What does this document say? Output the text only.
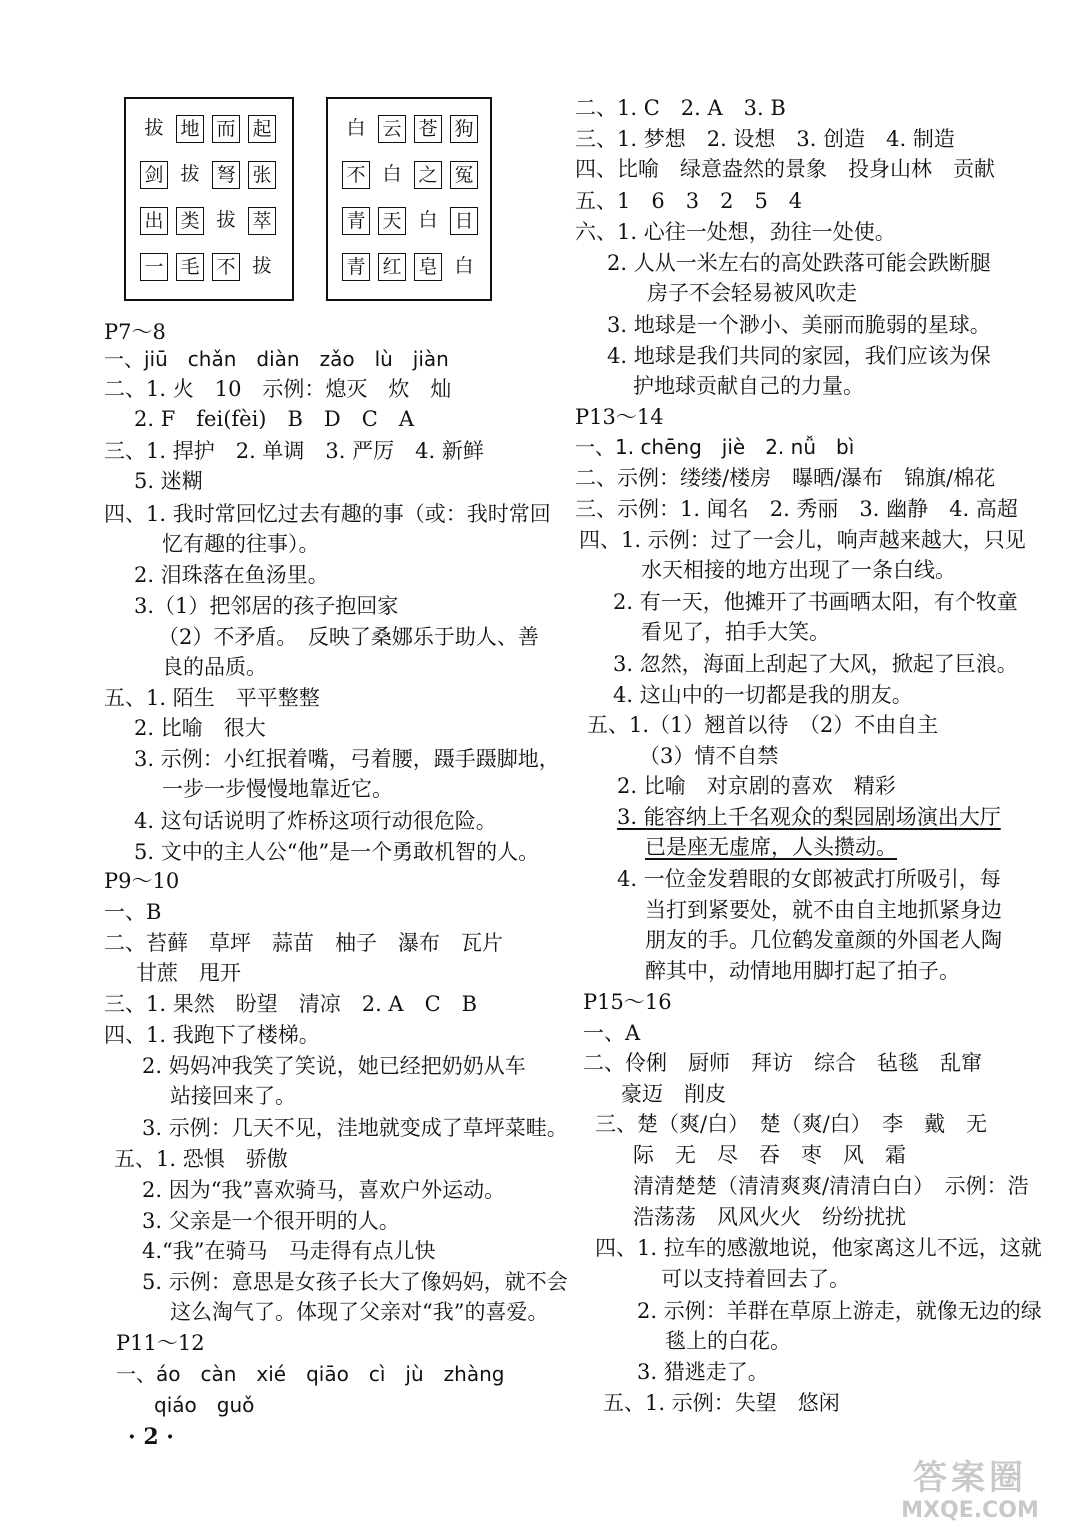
拔 地 而 起
剑 拔 弩 张
出 类 拔 萃
一 毛 不 拔
白 云 苍 狗
不 白 之 冤
青 天 白 日
青 红 皂 白
P7～8
一、jiū　chǎn　diàn　zǎo　lù　jiàn
二、1. 火　10　示例：熄灭　炊　灿
2. F　fei(fèi)　B　D　C　A
三、1. 捍护　2. 单调　3. 严厉　4. 新鲜
5. 迷糊
四、1. 我时常回忆过去有趣的事（或：我时常回
忆有趣的往事）。
2. 泪珠落在鱼汤里。
3.（1）把邻居的孩子抱回家
（2）不矛盾。　反映了桑娜乐于助人、善
良的品质。
五、1. 陌生　平平整整
2. 比喻　很大
3. 示例：小红抿着嘴，弓着腰，蹑手蹑脚地，
一步一步慢慢地靠近它。
4. 这句话说明了炸桥这项行动很危险。
5. 文中的主人公“他”是一个勇敢机智的人。
P9～10
一、B
二、苔藓　草坪　蒜苗　柚子　瀑布　瓦片
甘蔗　甩开
三、1. 果然　盼望　清凉　2. A　C　B
四、1. 我跑下了楼梯。
2. 妈妈冲我笑了笑说，她已经把奶奶从车
站接回来了。
3. 示例：几天不见，洼地就变成了草坪菜畦。
五、1. 恐惧　骄傲
2. 因为“我”喜欢骑马，喜欢户外运动。
3. 父亲是一个很开明的人。
4.“我”在骑马　马走得有点儿快
5. 示例：意思是女孩子长大了像妈妈，就不会
这么淘气了。体现了父亲对“我”的喜爱。
P11～12
一、áo　càn　xié　qiāo　cì　jù　zhàng
qiáo　guǒ
二、1. C　2. A　3. B
三、1. 梦想　2. 设想　3. 创造　4. 制造
四、比喻　绿意盎然的景象　投身山林　贡献
五、1　6　3　2　5　4
六、1. 心往一处想，劲往一处使。
2. 人从一米左右的高处跌落可能会跌断腿
房子不会轻易被风吹走
3. 地球是一个渺小、美丽而脆弱的星球。
4. 地球是我们共同的家园，我们应该为保
护地球贡献自己的力量。
P13～14
一、1. chēng　jiè　2. nǚ　bì
二、示例：缕缕/楼房　曝晒/瀑布　锦旗/棉花
三、示例：1. 闻名　2. 秀丽　3. 幽静　4. 高超
四、1. 示例：过了一会儿，响声越来越大，只见
水天相接的地方出现了一条白线。
2. 有一天，他摊开了书画晒太阳，有个牧童
看见了，拍手大笑。
3. 忽然，海面上刮起了大风，掀起了巨浪。
4. 这山中的一切都是我的朋友。
五、1.（1）翘首以待　（2）不由自主
（3）情不自禁
2. 比喻　对京剧的喜欢　精彩
3. 能容纳上千名观众的梨园剧场演出大厅
已是座无虚席，人头攒动。
4. 一位金发碧眼的女郎被武打所吸引，每
当打到紧要处，就不由自主地抓紧身边
朋友的手。几位鹤发童颜的外国老人陶
醉其中，动情地用脚打起了拍子。
P15～16
一、A
二、伶俐　厨师　拜访　综合　毡毯　乱窜
豪迈　削皮
三、楚（爽/白）　楚（爽/白）　李　戴　无
际　无　尽　吞　枣　风　霜
清清楚楚（清清爽爽/清清白白）　示例：浩
浩荡荡　风风火火　纷纷扰扰
四、1. 拉车的感激地说，他家离这儿不远，这就
可以支持着回去了。
2. 示例：羊群在草原上游走，就像无边的绿
毯上的白花。
3. 猎逃走了。
五、1. 示例：失望　悠闲
· 2 ·
答案圈
MXQE.COM
